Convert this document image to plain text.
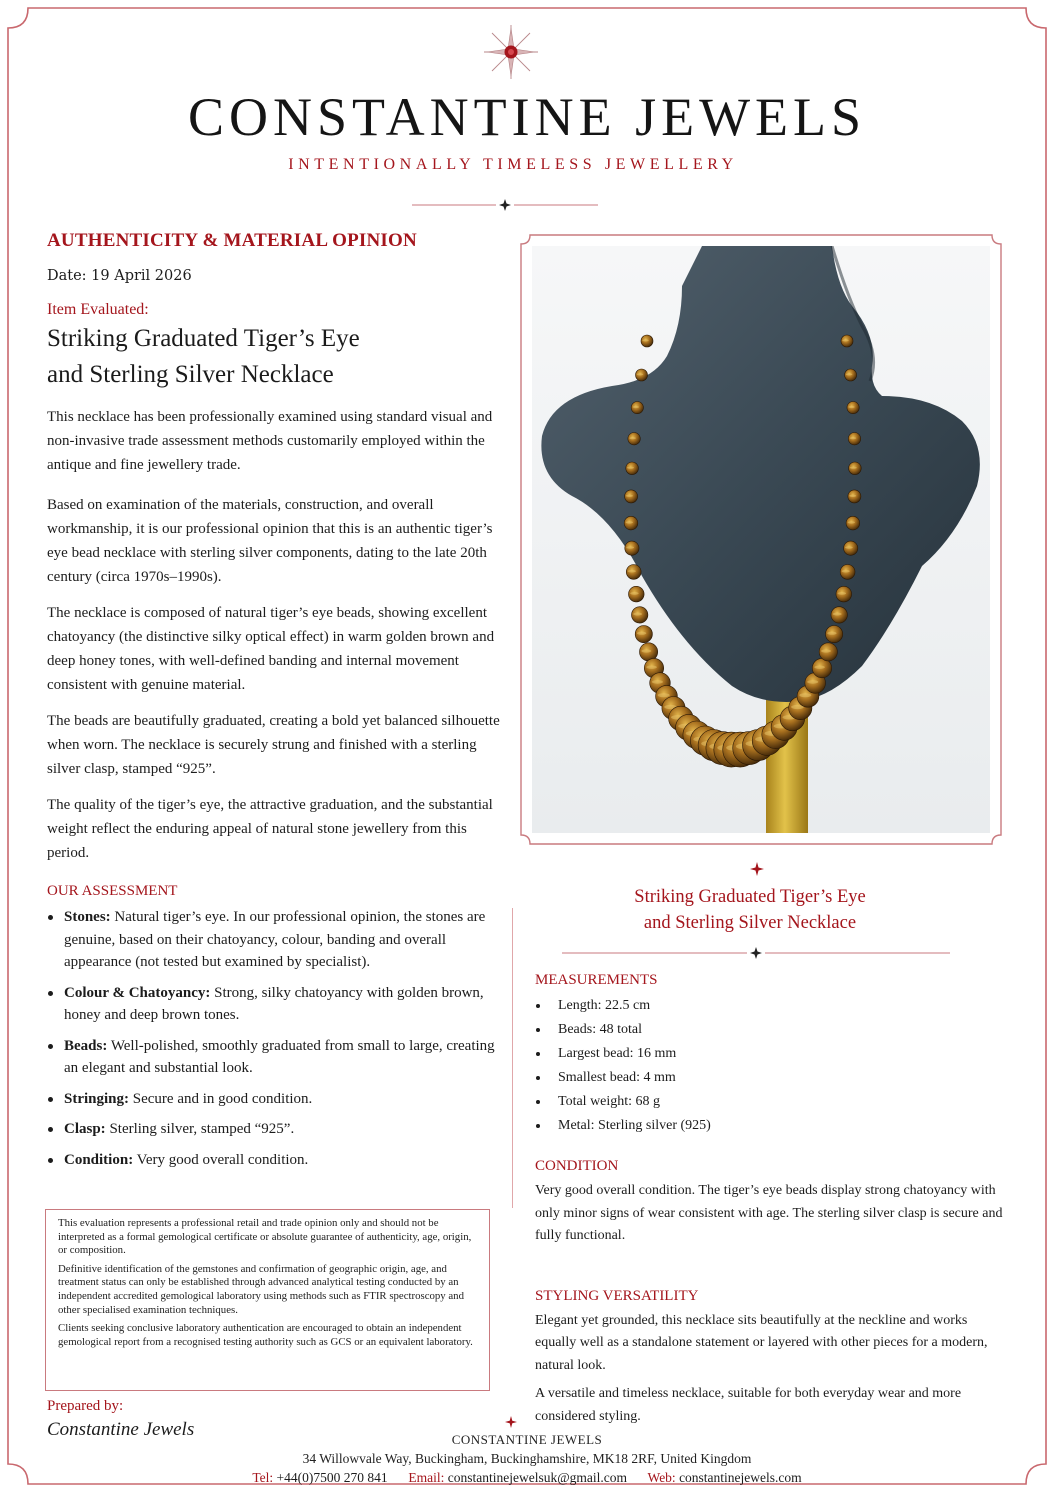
CONSTANTINE JEWELS
INTENTIONALLY TIMELESS JEWELLERY
AUTHENTICITY & MATERIAL OPINION
Date: 19 April 2026
Item Evaluated:
Striking Graduated Tiger’s Eye
and Sterling Silver Necklace

This necklace has been professionally examined using standard visual and non-invasive trade assessment methods customarily employed within the antique and fine jewellery trade.

Based on examination of the materials, construction, and overall workmanship, it is our professional opinion that this is an authentic tiger’s eye bead necklace with sterling silver components, dating to the late 20th century (circa 1970s–1990s).

The necklace is composed of natural tiger’s eye beads, showing excellent chatoyancy (the distinctive silky optical effect) in warm golden brown and deep honey tones, with well-defined banding and internal movement consistent with genuine material.

The beads are beautifully graduated, creating a bold yet balanced silhouette when worn. The necklace is securely strung and finished with a sterling silver clasp, stamped “925”.

The quality of the tiger’s eye, the attractive graduation, and the substantial weight reflect the enduring appeal of natural stone jewellery from this period.

OUR ASSESSMENT
Stones: Natural tiger’s eye. In our professional opinion, the stones are genuine, based on their chatoyancy, colour, banding and overall appearance (not tested but examined by specialist).
Colour & Chatoyancy: Strong, silky chatoyancy with golden brown, honey and deep brown tones.
Beads: Well-polished, smoothly graduated from small to large, creating an elegant and substantial look.
Stringing: Secure and in good condition.
Clasp: Sterling silver, stamped “925”.
Condition: Very good overall condition.

This evaluation represents a professional retail and trade opinion only and should not be interpreted as a formal gemological certificate or absolute guarantee of authenticity, age, origin, or composition.

Definitive identification of the gemstones and confirmation of geographic origin, age, and treatment status can only be established through advanced analytical testing conducted by an independent accredited gemological laboratory using methods such as FTIR spectroscopy and other specialised examination techniques.

Clients seeking conclusive laboratory authentication are encouraged to obtain an independent gemological report from a recognised testing authority such as GCS or an equivalent laboratory.

Prepared by:
Constantine Jewels
Striking Graduated Tiger’s Eye
and Sterling Silver Necklace
MEASUREMENTS
Length: 22.5 cm
Beads: 48 total
Largest bead: 16 mm
Smallest bead: 4 mm
Total weight: 68 g
Metal: Sterling silver (925)
CONDITION

Very good overall condition. The tiger’s eye beads display strong chatoyancy with only minor signs of wear consistent with age. The sterling silver clasp is secure and fully functional.

STYLING VERSATILITY

Elegant yet grounded, this necklace sits beautifully at the neckline and works equally well as a standalone statement or layered with other pieces for a modern, natural look.

A versatile and timeless necklace, suitable for both everyday wear and more considered styling.

CONSTANTINE JEWELS
34 Willowvale Way, Buckingham, Buckinghamshire, MK18 2RF, United Kingdom
Tel: +44(0)7500 270 841 Email: constantinejewelsuk@gmail.com Web: constantinejewels.com
